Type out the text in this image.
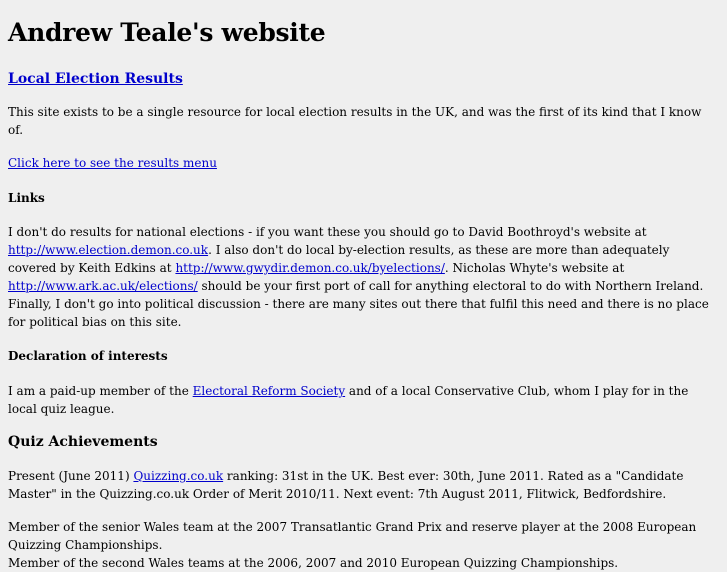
Andrew Teale's website
Local Election Results

This site exists to be a single resource for local election results in the UK, and was the first of its kind that I know of.

Click here to see the results menu

Links

I don't do results for national elections - if you want these you should go to David Boothroyd's website at http://www.election.demon.co.uk. I also don't do local by-election results, as these are more than adequately covered by Keith Edkins at http://www.gwydir.demon.co.uk/byelections/. Nicholas Whyte's website at http://www.ark.ac.uk/elections/ should be your first port of call for anything electoral to do with Northern Ireland. Finally, I don't go into political discussion - there are many sites out there that fulfil this need and there is no place for political bias on this site.

Declaration of interests

I am a paid-up member of the Electoral Reform Society and of a local Conservative Club, whom I play for in the local quiz league.

Quiz Achievements

Present (June 2011) Quizzing.co.uk ranking: 31st in the UK. Best ever: 30th, June 2011. Rated as a "Candidate Master" in the Quizzing.co.uk Order of Merit 2010/11. Next event: 7th August 2011, Flitwick, Bedfordshire.

Member of the senior Wales team at the 2007 Transatlantic Grand Prix and reserve player at the 2008 European Quizzing Championships.

Member of the second Wales teams at the 2006, 2007 and 2010 European Quizzing Championships.
